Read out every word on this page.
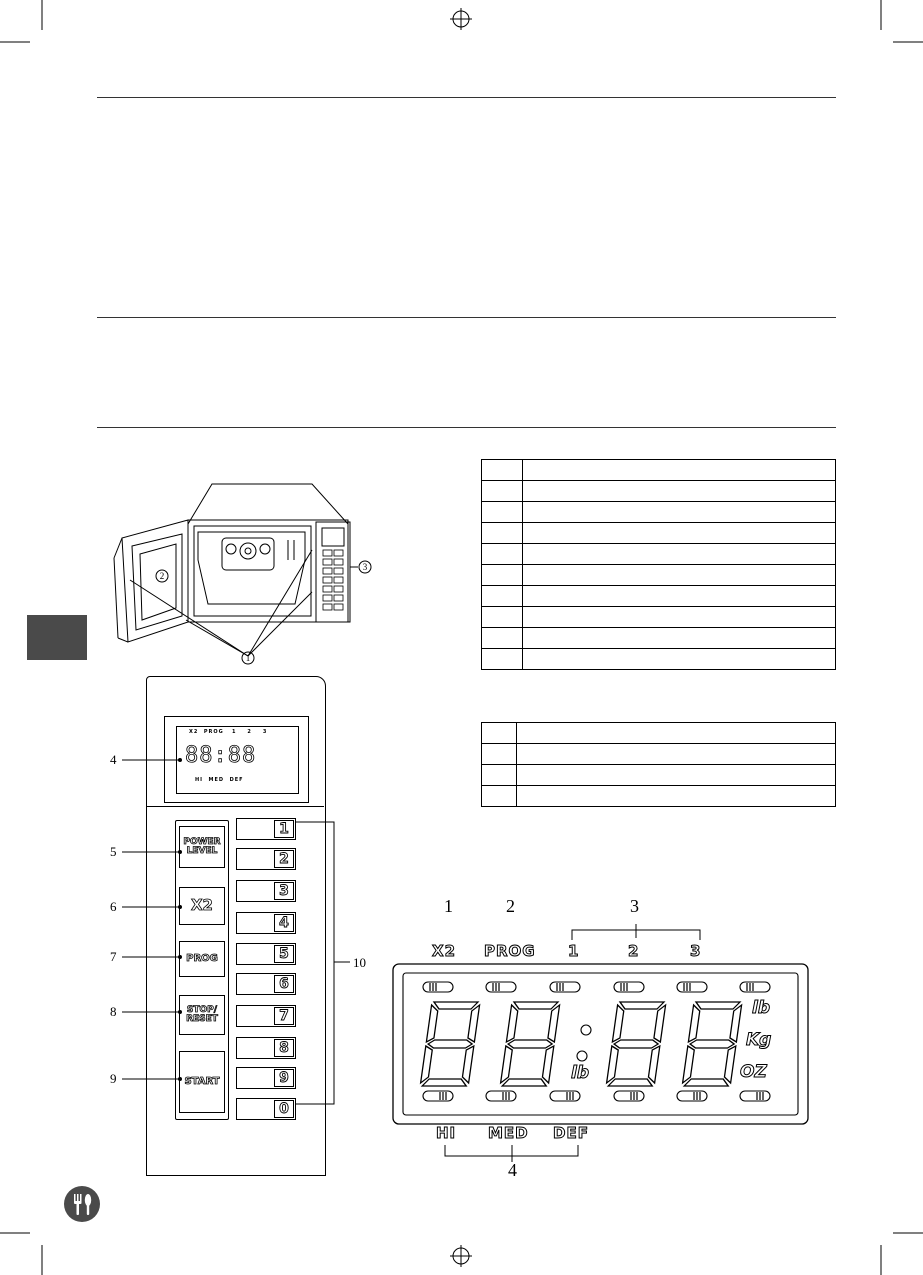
2
1
3

X2 PROG 1 2 3
88:88
HI MED DEF
POWER
LEVEL
X2
PROG
STOP/
RESET
START
1
2
3
4
5
6
7
8
9
0
4
5
6
7
8
9
10
1	2	3
4
X2 PROG 1	2	3
HI MED DEF
lb
Kg
OZ
lb
